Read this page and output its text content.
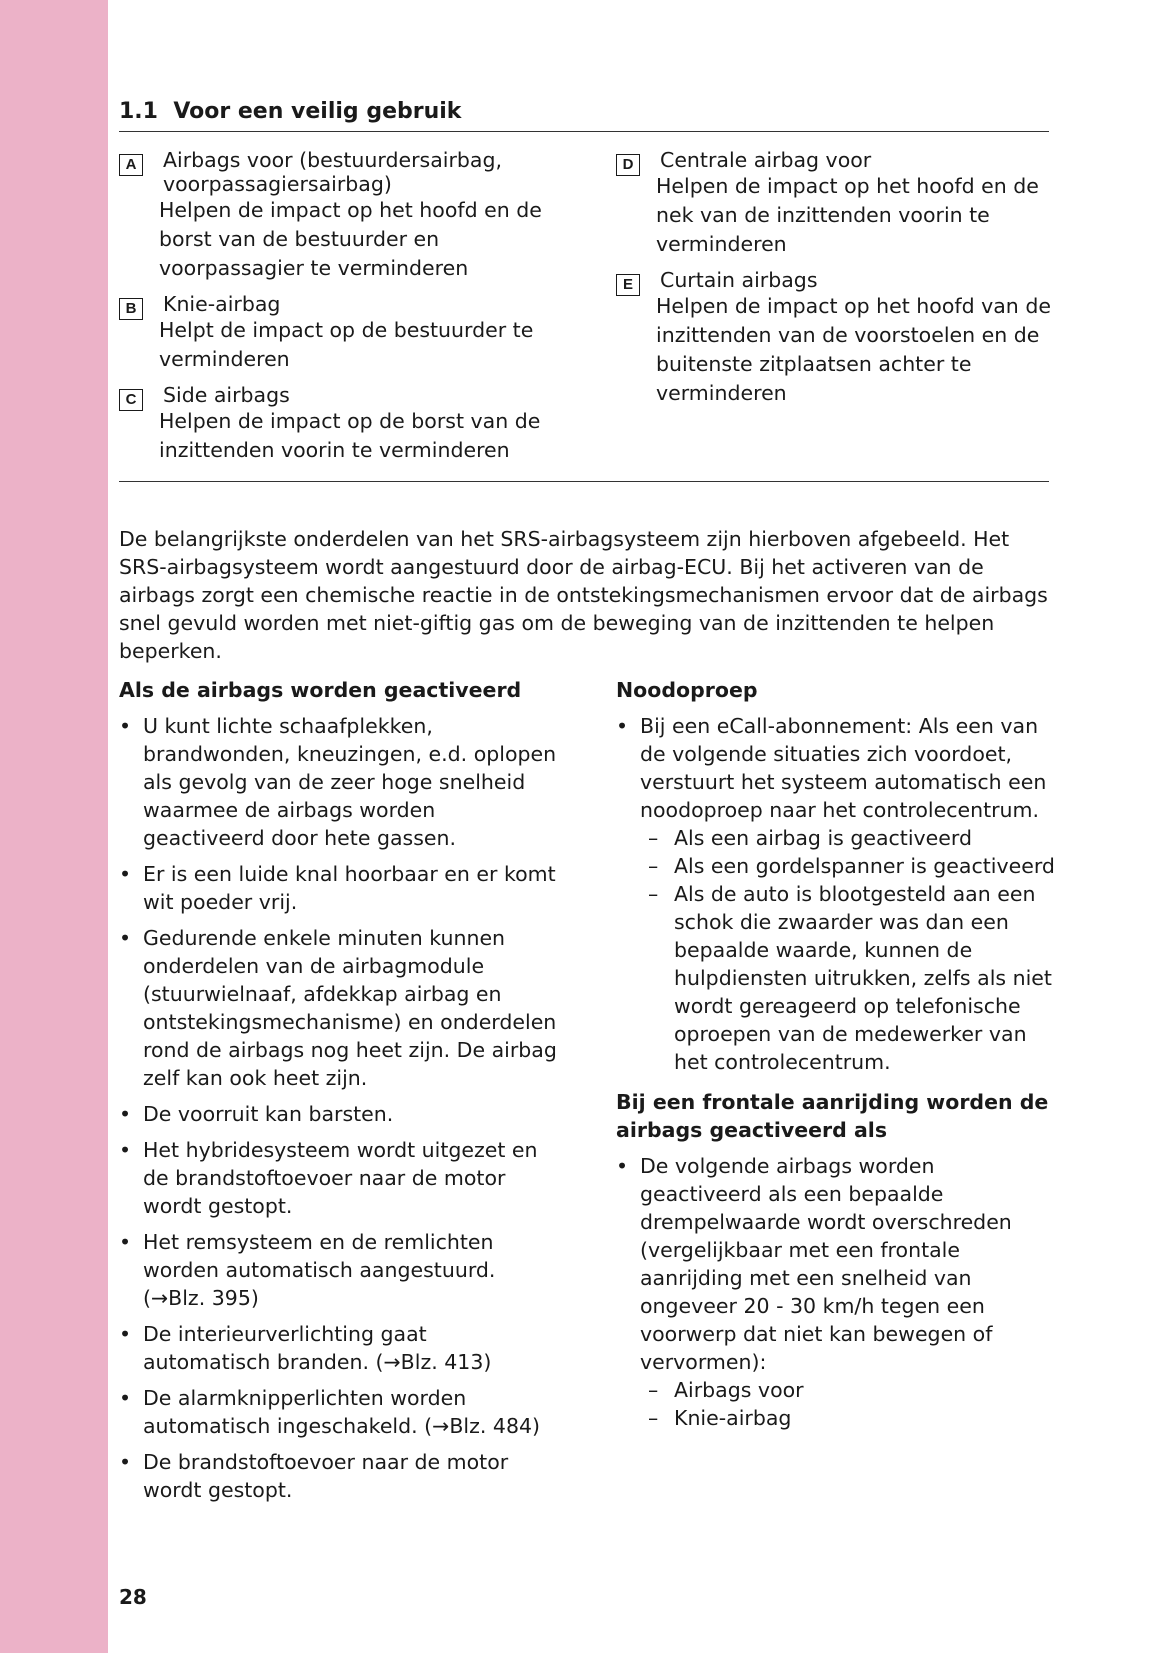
1.1 Voor een veilig gebruik
A	Airbags voor (bestuurdersairbag, voorpassagiersairbag)
Helpen de impact op het hoofd en de borst van de bestuurder en voorpassagier te verminderen
B	Knie-airbag
Helpt de impact op de bestuurder te verminderen
C	Side airbags
Helpen de impact op de borst van de inzittenden voorin te verminderen
D	Centrale airbag voor
Helpen de impact op het hoofd en de nek van de inzittenden voorin te verminderen
E	Curtain airbags
Helpen de impact op het hoofd van de inzittenden van de voorstoelen en de buitenste zitplaatsen achter te verminderen

De belangrijkste onderdelen van het SRS-airbagsysteem zijn hierboven afgebeeld. Het SRS-airbagsysteem wordt aangestuurd door de airbag-ECU. Bij het activeren van de airbags zorgt een chemische reactie in de ontstekingsmechanismen ervoor dat de airbags snel gevuld worden met niet-giftig gas om de beweging van de inzittenden te helpen beperken.

Als de airbags worden geactiveerd
• U kunt lichte schaafplekken, brandwonden, kneuzingen, e.d. oplopen als gevolg van de zeer hoge snelheid waarmee de airbags worden geactiveerd door hete gassen.
• Er is een luide knal hoorbaar en er komt wit poeder vrij.
• Gedurende enkele minuten kunnen onderdelen van de airbagmodule (stuurwielnaaf, afdekkap airbag en ontstekingsmechanisme) en onderdelen rond de airbags nog heet zijn. De airbag zelf kan ook heet zijn.
• De voorruit kan barsten.
• Het hybridesysteem wordt uitgezet en de brandstoftoevoer naar de motor wordt gestopt.
• Het remsysteem en de remlichten worden automatisch aangestuurd. (→Blz. 395)
• De interieurverlichting gaat automatisch branden. (→Blz. 413)
• De alarmknipperlichten worden automatisch ingeschakeld. (→Blz. 484)
• De brandstoftoevoer naar de motor wordt gestopt.
Noodoproep
• Bij een eCall-abonnement: Als een van de volgende situaties zich voordoet, verstuurt het systeem automatisch een noodoproep naar het controlecentrum.
– Als een airbag is geactiveerd
– Als een gordelspanner is geactiveerd
– Als de auto is blootgesteld aan een schok die zwaarder was dan een bepaalde waarde, kunnen de hulpdiensten uitrukken, zelfs als niet wordt gereageerd op telefonische oproepen van de medewerker van het controlecentrum.
Bij een frontale aanrijding worden de airbags geactiveerd als
• De volgende airbags worden geactiveerd als een bepaalde drempelwaarde wordt overschreden (vergelijkbaar met een frontale aanrijding met een snelheid van ongeveer 20 - 30 km/h tegen een voorwerp dat niet kan bewegen of vervormen):
– Airbags voor
– Knie-airbag
28
